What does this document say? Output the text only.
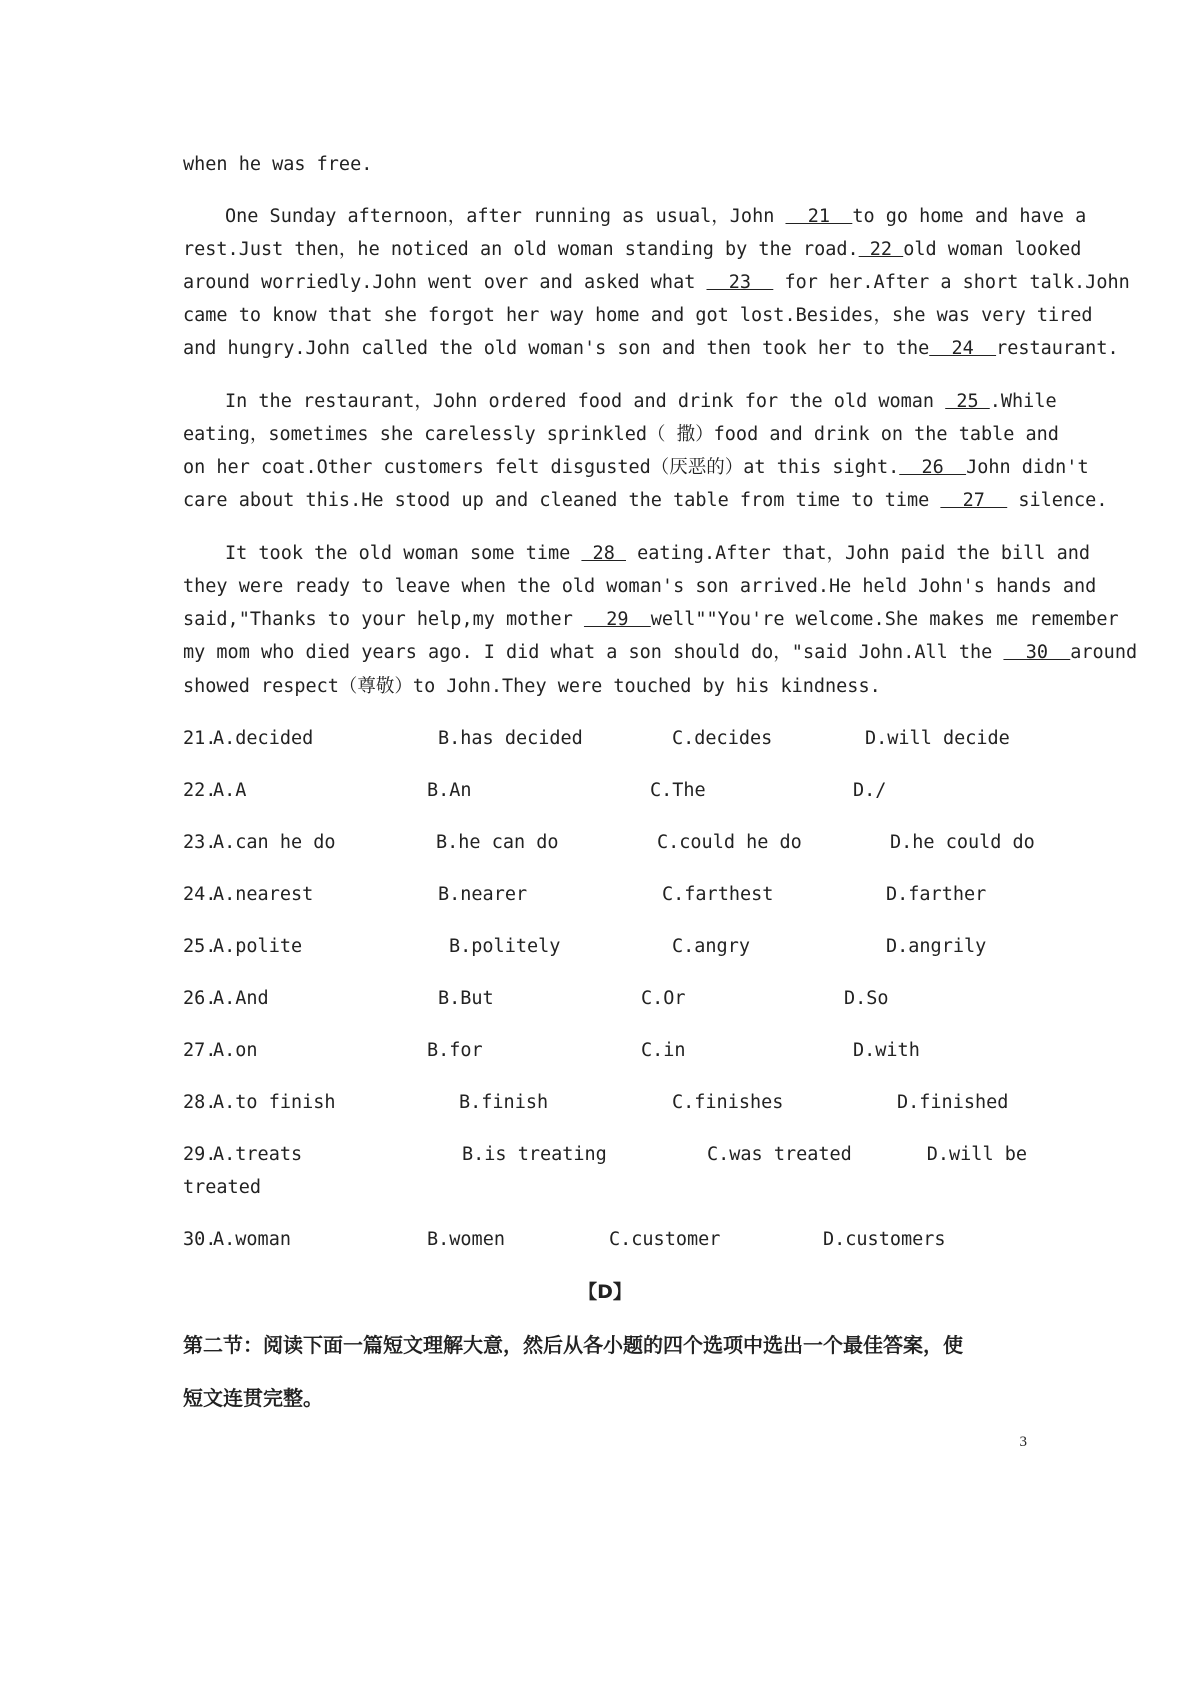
when he was free.
One Sunday afternoon，after running as usual，John   21  to go home and have a
rest.Just then，he noticed an old woman standing by the road. 22 old woman looked
around worriedly.John went over and asked what   23   for her.After a short talk.John
came to know that she forgot her way home and got lost.Besides，she was very tired
and hungry.John called the old woman's son and then took her to the  24  restaurant.
In the restaurant，John ordered food and drink for the old woman  25 .While
eating，sometimes she carelessly sprinkled（ 撒）food and drink on the table and
on her coat.Other customers felt disgusted（厌恶的）at this sight.  26  John didn't
care about this.He stood up and cleaned the table from time to time   27   silence.
It took the old woman some time  28  eating.After that，John paid the bill and
they were ready to leave when the old woman's son arrived.He held John's hands and
said,"Thanks to your help,my mother   29  well""You're welcome.She makes me remember
my mom who died years ago. I did what a son should do，"said John.All the   30  around
showed respect（尊敬）to John.They were touched by his kindness.
21.
A.decided	B.has decided	C.decides	D.will decide
22.
A.A	B.An	C.The	D./
23.
A.can he do	B.he can do	C.could he do	D.he could do
24.
A.nearest	B.nearer	C.farthest	D.farther
25.
A.polite	B.politely	C.angry	D.angrily
26.
A.And	B.But	C.Or	D.So
27.
A.on	B.for	C.in	D.with
28.
A.to finish	B.finish	C.finishes	D.finished
29.
A.treats	B.is treating	C.was treated	D.will be
treated
30.
A.woman	B.women	C.customer	D.customers
【D】
第二节：阅读下面一篇短文理解大意，然后从各小题的四个选项中选出一个最佳答案，使
短文连贯完整。
3
